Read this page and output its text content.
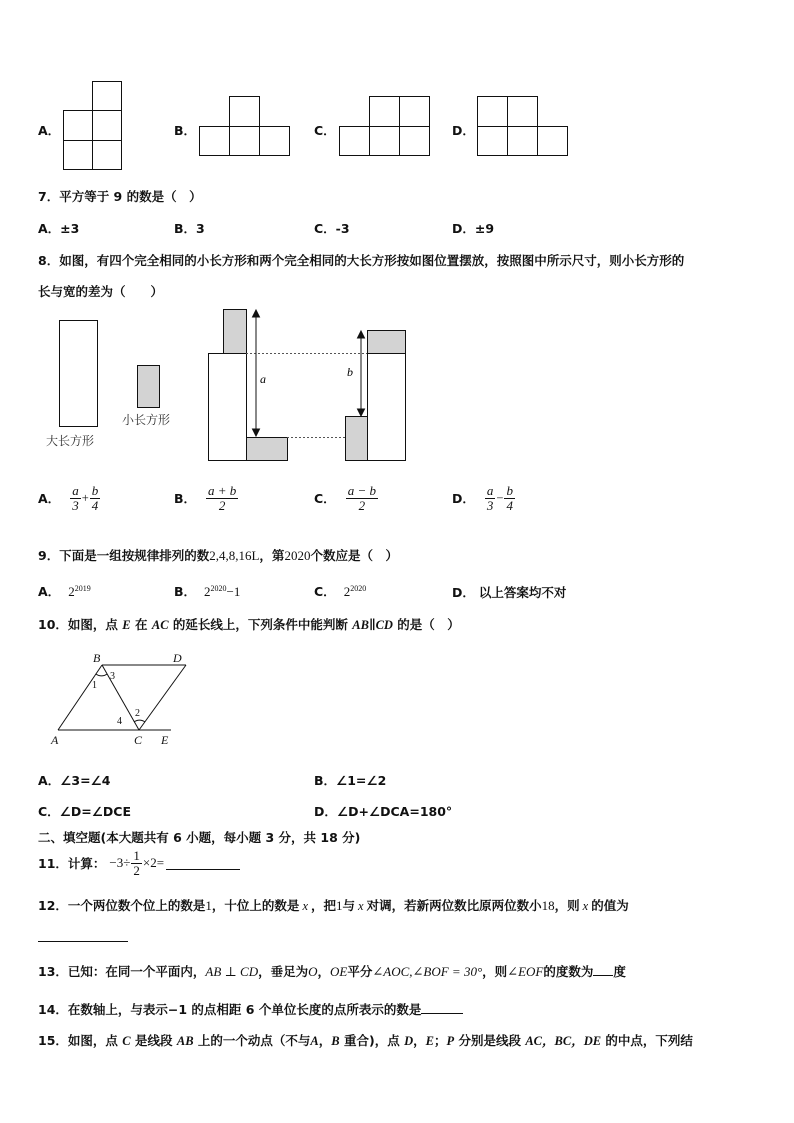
A．	B．	C．	D．
7．平方等于 9 的数是（　）
A．±3	B．3	C．-3	D．±9
8．如图，有四个完全相同的小长方形和两个完全相同的大长方形按如图位置摆放，按照图中所示尺寸，则小长方形的
长与宽的差为（　　）
a	b
大长方形
小长方形
A． $\frac{a}{3} + \frac{b}{4}$	B． $\frac{a + b}{2}$	C． $\frac{a - b}{2}$	D． $\frac{a}{3} - \frac{b}{4}$
9．下面是一组按规律排列的数2,4,8,16L，第2020个数应是（　）
A． $2^{2019}$	B． $2^{2020}-1$	C． $2^{2020}$	D． 以上答案均不对
10．如图，点 E 在 AC 的延长线上，下列条件中能判断 AB∥CD 的是（　）
B	D
A	C E
1
2
3
4
A．∠3=∠4	B．∠1=∠2
C．∠D=∠DCE	D．∠D+∠DCA=180°
二、填空题(本大题共有 6 小题，每小题 3 分，共 18 分)
11． 计算： $-3\div \frac{1}{2} \times 2=$
12．一个两位数个位上的数是1，十位上的数是 x ，把1与 x 对调，若新两位数比原两位数小18，则 x 的值为
13．已知：在同一个平面内，AB ⊥ CD，垂足为O，OE平分∠AOC,∠BOF = 30°，则∠EOF的度数为 度
14．在数轴上，与表示−1 的点相距 6 个单位长度的点所表示的数是
15．如图，点 C 是线段 AB 上的一个动点（不与A，B 重合)，点 D，E；P 分别是线段 AC，BC，DE 的中点，下列结
